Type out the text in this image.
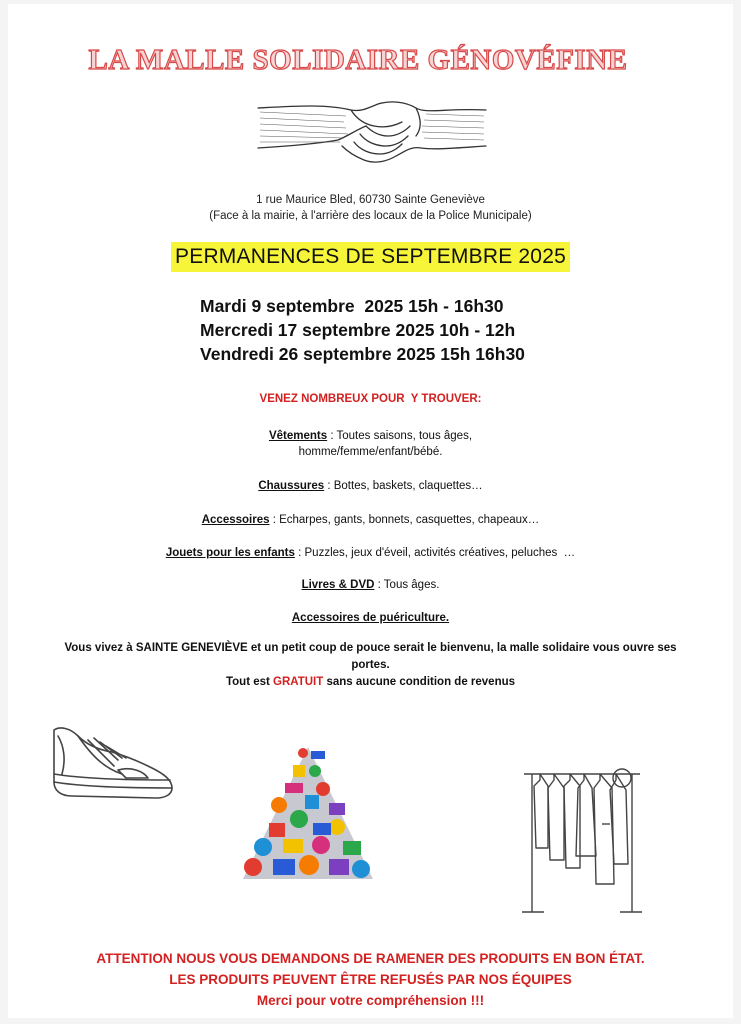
LA MALLE SOLIDAIRE GÉNOVÉFINE
1 rue Maurice Bled, 60730 Sainte Geneviève
(Face à la mairie, à l'arrière des locaux de la Police Municipale)
PERMANENCES DE SEPTEMBRE 2025
Mardi 9 septembre  2025 15h - 16h30
Mercredi 17 septembre 2025 10h - 12h
Vendredi 26 septembre 2025 15h 16h30
VENEZ NOMBREUX POUR  Y TROUVER:
Vêtements : Toutes saisons, tous âges,
homme/femme/enfant/bébé.
Chaussures : Bottes, baskets, claquettes…
Accessoires : Echarpes, gants, bonnets, casquettes, chapeaux…
Jouets pour les enfants : Puzzles, jeux d'éveil, activités créatives, peluches  …
Livres & DVD : Tous âges.
Accessoires de puériculture.
Vous vivez à SAINTE GENEVIÈVE et un petit coup de pouce serait le bienvenu, la malle solidaire vous ouvre ses portes.
Tout est GRATUIT sans aucune condition de revenus
ATTENTION NOUS VOUS DEMANDONS DE RAMENER DES PRODUITS EN BON ÉTAT.
LES PRODUITS PEUVENT ÊTRE REFUSÉS PAR NOS ÉQUIPES
Merci pour votre compréhension !!!
